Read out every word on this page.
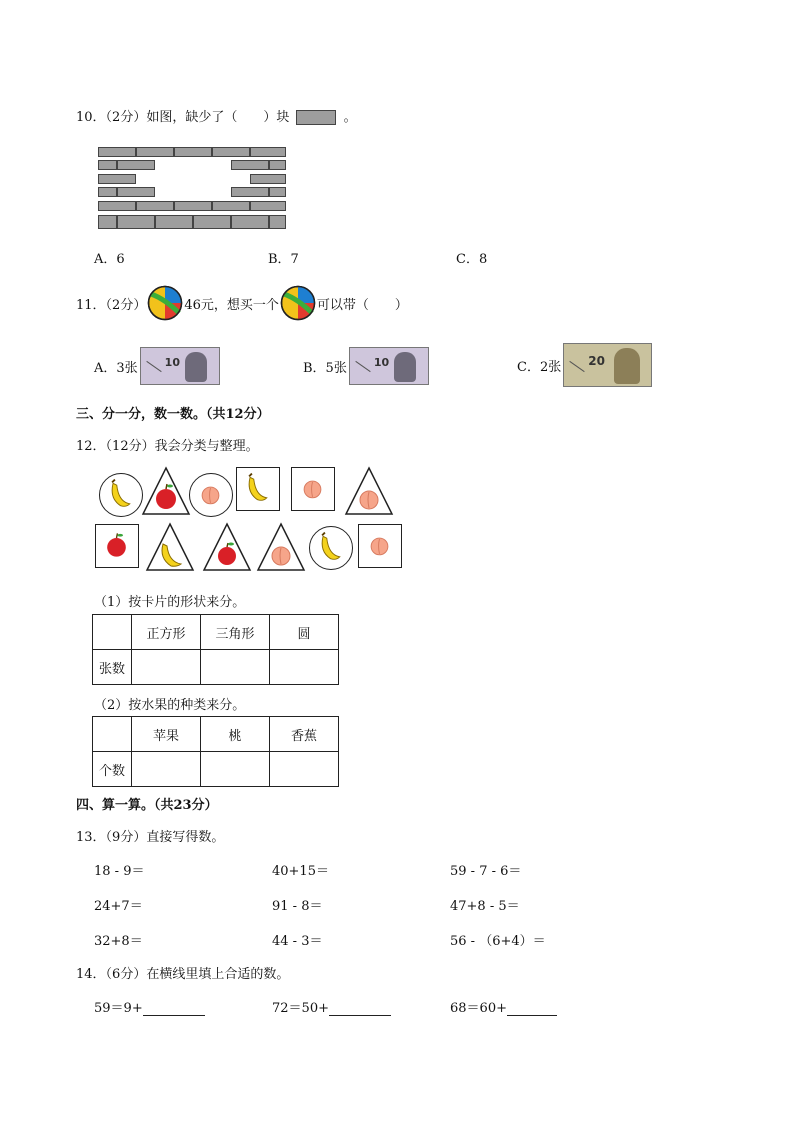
10．（2分）如图，缺少了（　　）块	。
A．6	B．7	C．8
11．（2分）	46元，想买一个	可以带（　　）
A．3张 10	B．5张 10	C．2张 20
三、分一分，数一数。（共12分）
12．（12分）我会分类与整理。
（1）按卡片的形状来分。
	正方形	三角形	圆
张数			
（2）按水果的种类来分。
	苹果	桃	香蕉
个数			
四、算一算。（共23分）
13．（9分）直接写得数。
18 - 9＝	40+15＝	59 - 7 - 6＝
24+7＝	91 - 8＝	47+8 - 5＝
32+8＝	44 - 3＝	56 - （6+4）＝
14．（6分）在横线里填上合适的数。
59＝9+	72＝50+	68＝60+
